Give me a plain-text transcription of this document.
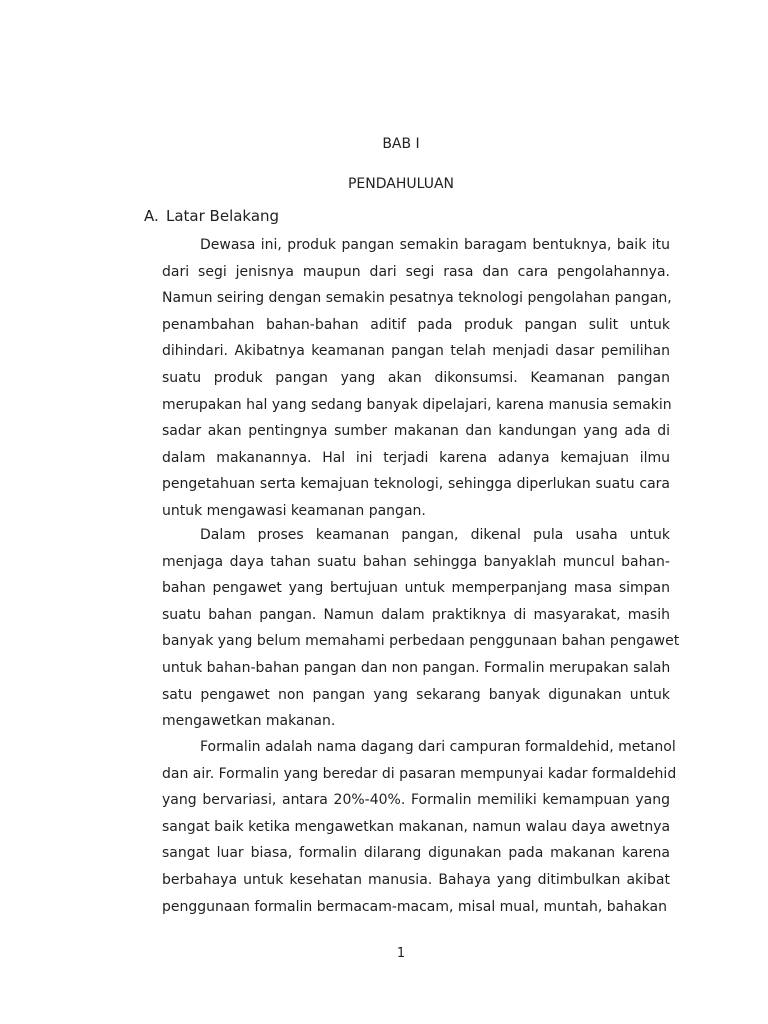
BAB I
PENDAHULUAN
A. Latar Belakang
Dewasa ini, produk pangan semakin baragam bentuknya, baik itu
dari segi jenisnya maupun dari segi rasa dan cara pengolahannya.
Namun seiring dengan semakin pesatnya teknologi pengolahan pangan,
penambahan bahan-bahan aditif pada produk pangan sulit untuk
dihindari. Akibatnya keamanan pangan telah menjadi dasar pemilihan
suatu produk pangan yang akan dikonsumsi. Keamanan pangan
merupakan hal yang sedang banyak dipelajari, karena manusia semakin
sadar akan pentingnya sumber makanan dan kandungan yang ada di
dalam makanannya. Hal ini terjadi karena adanya kemajuan ilmu
pengetahuan serta kemajuan teknologi, sehingga diperlukan suatu cara
untuk mengawasi keamanan pangan.
Dalam proses keamanan pangan, dikenal pula usaha untuk
menjaga daya tahan suatu bahan sehingga banyaklah muncul bahan-
bahan pengawet yang bertujuan untuk memperpanjang masa simpan
suatu bahan pangan. Namun dalam praktiknya di masyarakat, masih
banyak yang belum memahami perbedaan penggunaan bahan pengawet
untuk bahan-bahan pangan dan non pangan. Formalin merupakan salah
satu pengawet non pangan yang sekarang banyak digunakan untuk
mengawetkan makanan.
Formalin adalah nama dagang dari campuran formaldehid, metanol
dan air. Formalin yang beredar di pasaran mempunyai kadar formaldehid
yang bervariasi, antara 20%-40%. Formalin memiliki kemampuan yang
sangat baik ketika mengawetkan makanan, namun walau daya awetnya
sangat luar biasa, formalin dilarang digunakan pada makanan karena
berbahaya untuk kesehatan manusia. Bahaya yang ditimbulkan akibat
penggunaan formalin bermacam-macam, misal mual, muntah, bahakan
1
